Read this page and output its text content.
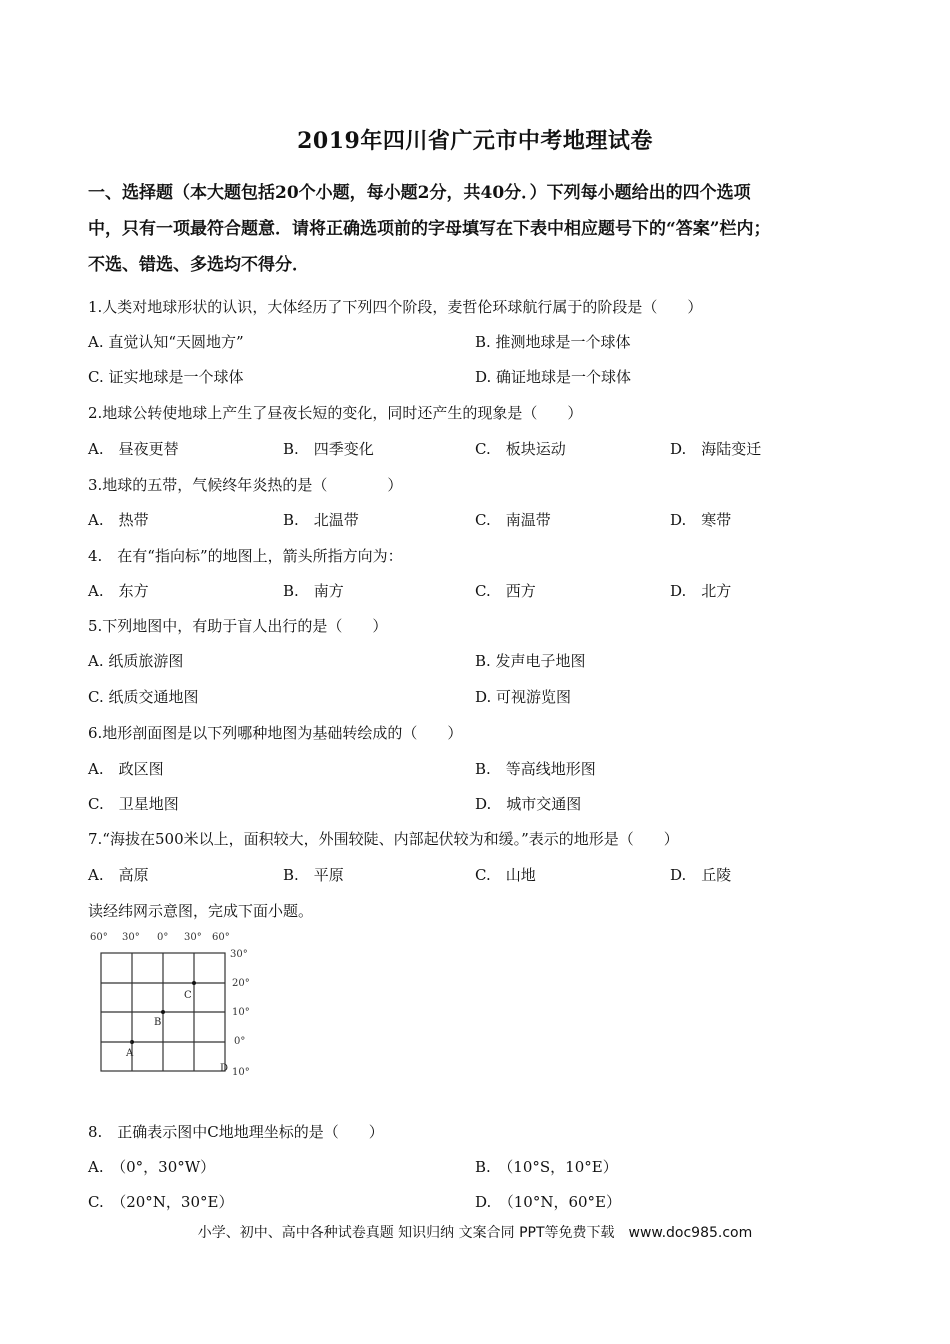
2019年四川省广元市中考地理试卷
一、选择题（本大题包括20个小题，每小题2分，共40分．）下列每小题给出的四个选项
中，只有一项最符合题意．请将正确选项前的字母填写在下表中相应题号下的“答案”栏内；
不选、错选、多选均不得分．
1.人类对地球形状的认识，大体经历了下列四个阶段，麦哲伦环球航行属于的阶段是（　　）
A. 直觉认知“天圆地方”	B. 推测地球是一个球体
C. 证实地球是一个球体	D. 确证地球是一个球体
2.地球公转使地球上产生了昼夜长短的变化，同时还产生的现象是（　　）
A.　昼夜更替	B.　四季变化	C.　板块运动	D.　海陆变迁
3.地球的五带，气候终年炎热的是（　　　　）
A.　热带	B.　北温带	C.　南温带	D.　寒带
4.　在有“指向标”的地图上，箭头所指方向为：
A.　东方	B.　南方	C.　西方	D.　北方
5.下列地图中，有助于盲人出行的是（　　）
A. 纸质旅游图	B. 发声电子地图
C. 纸质交通地图	D. 可视游览图
6.地形剖面图是以下列哪种地图为基础转绘成的（　　）
A.　政区图	B.　等高线地形图
C.　卫星地图	D.　城市交通图
7.“海拔在500米以上，面积较大，外围较陡、内部起伏较为和缓。”表示的地形是（　　）
A.　高原	B.　平原	C.　山地	D.　丘陵
读经纬网示意图，完成下面小题。
60° 30° 0° 30° 60°
30°
20°
10°
0°
10°
C
B
A
D
8.　正确表示图中C地地理坐标的是（　　）
A.　（0°，30°W）	B.　（10°S，10°E）
C.　（20°N，30°E）	D.　（10°N，60°E）
小学、初中、高中各种试卷真题 知识归纳 文案合同 PPT等免费下载　www.doc985.com
